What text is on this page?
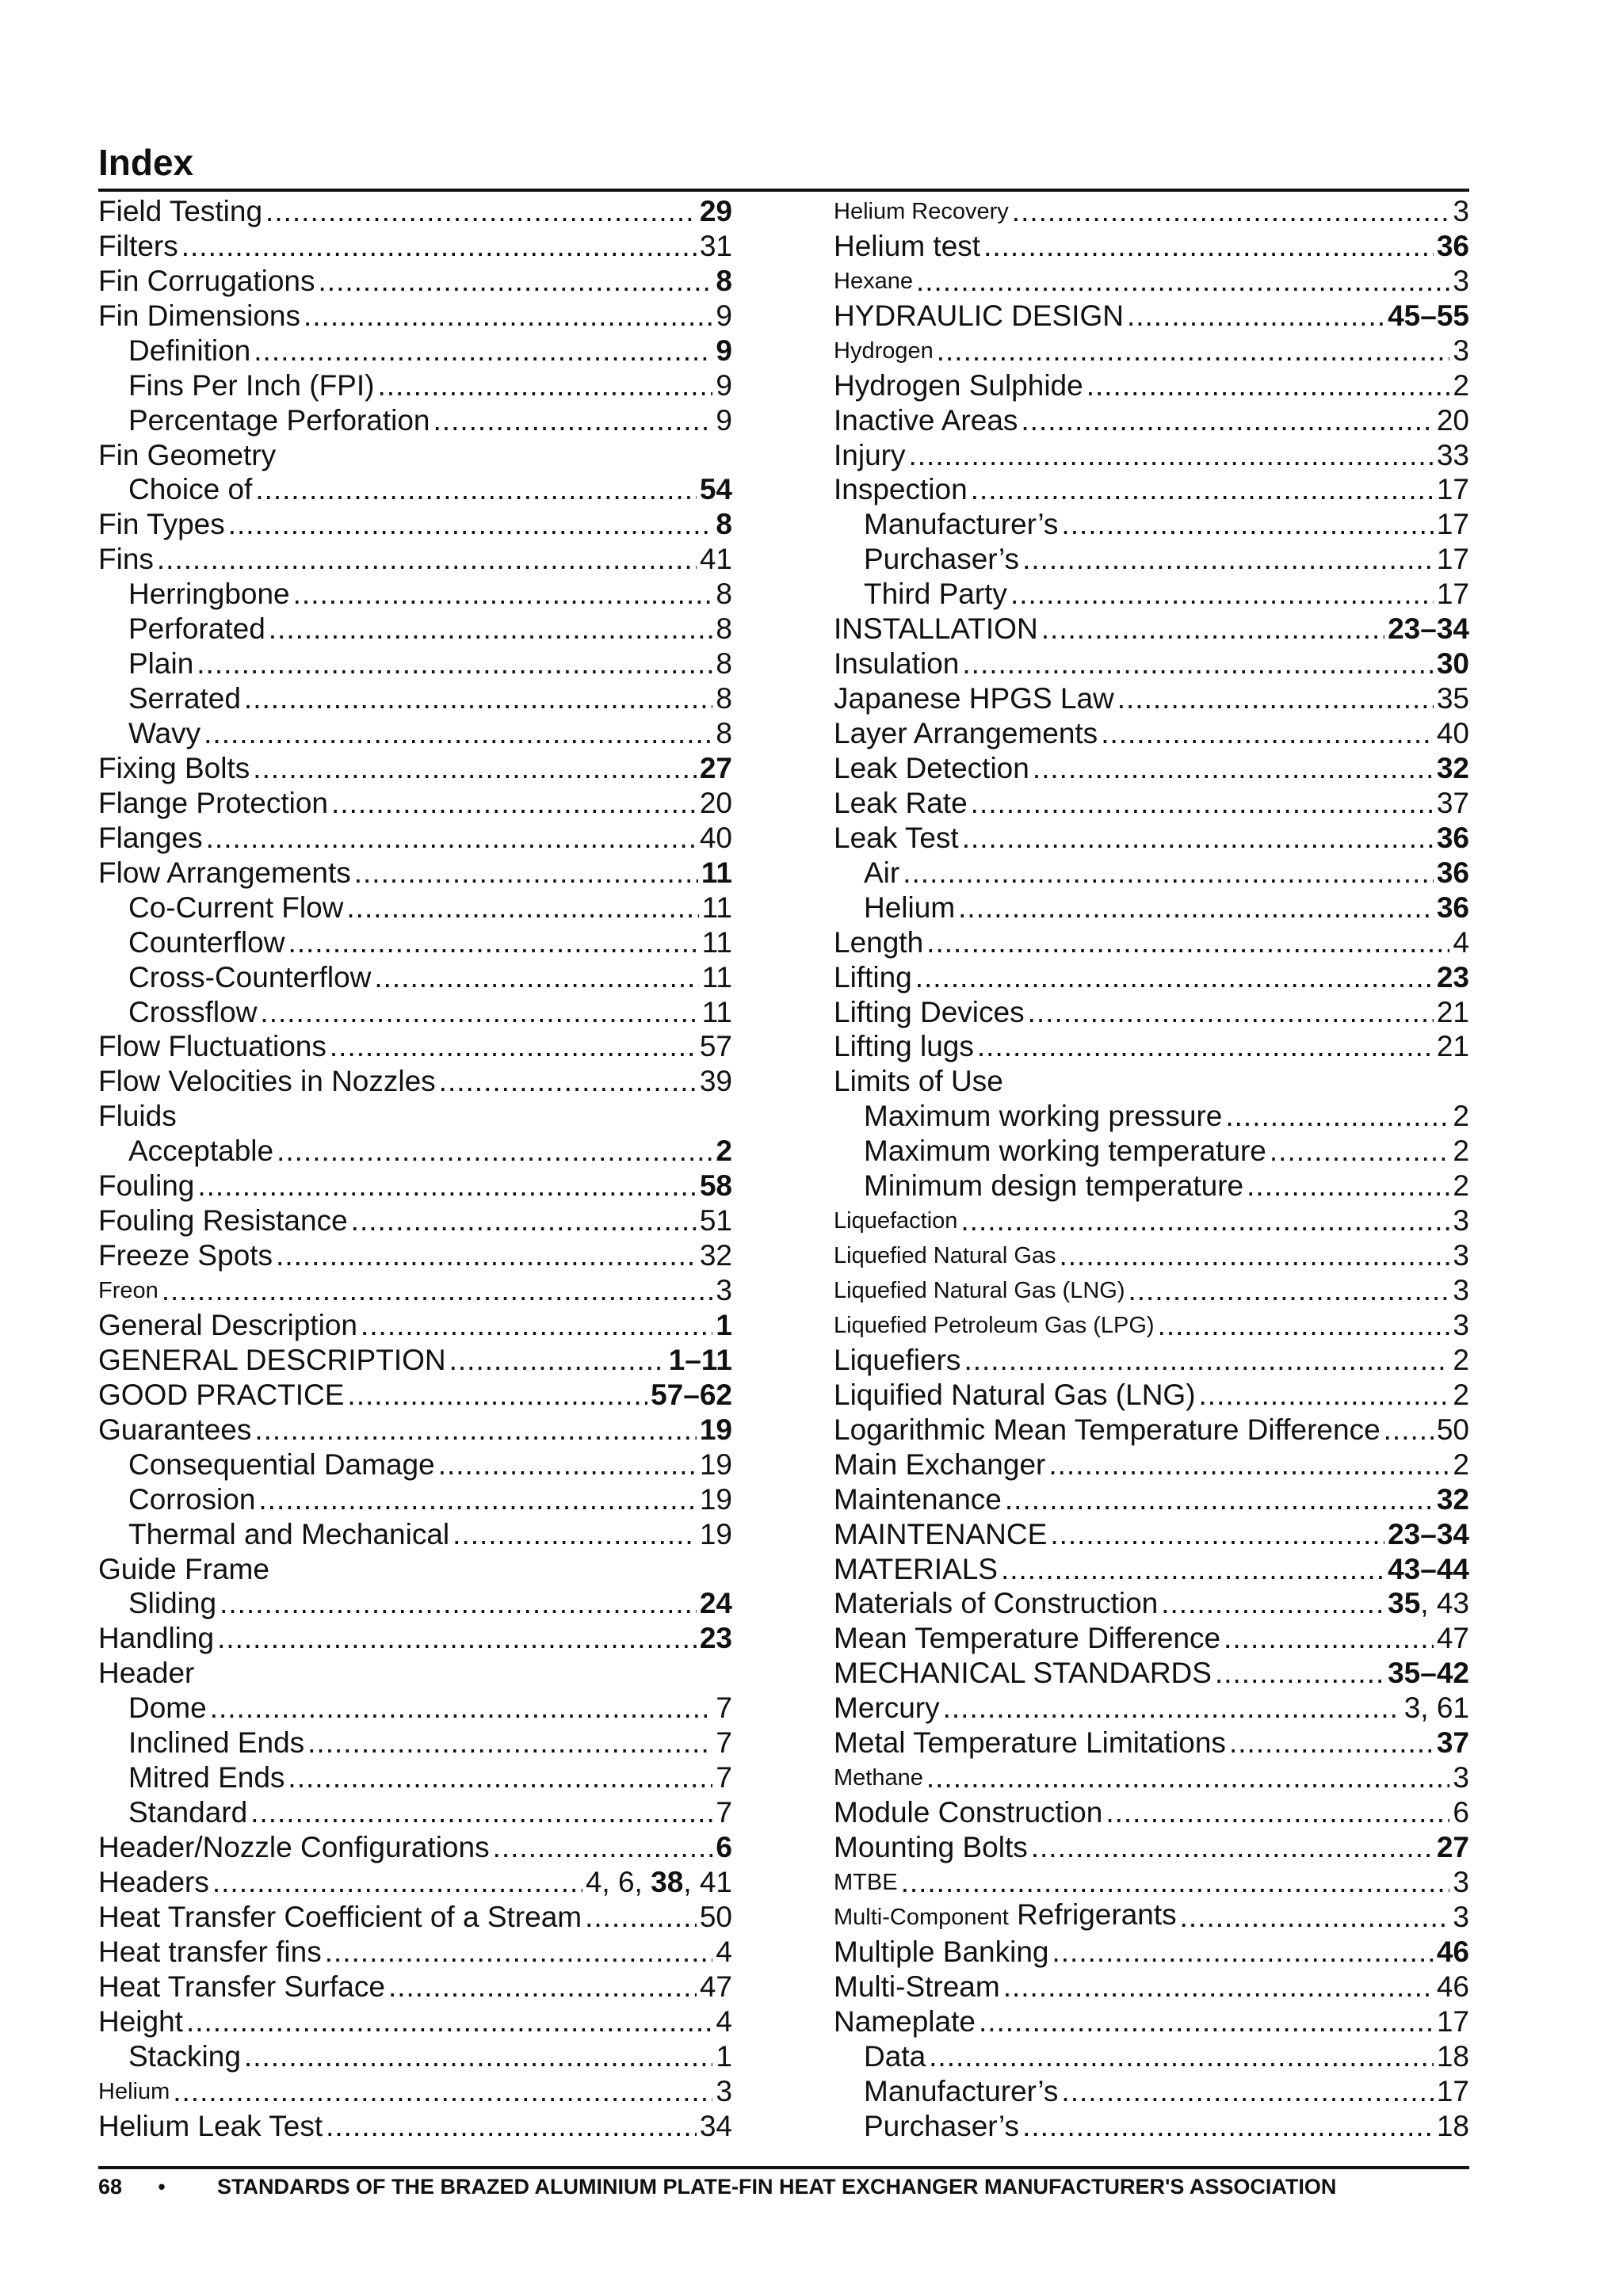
Index
Field Testing .....	29
Filters .....	31
Fin Corrugations .....	8
Fin Dimensions .....	9
Definition .....	9
Fins Per Inch (FPI) .....	9
Percentage Perforation .....	9
Fin Geometry
Choice of .....	54
Fin Types .....	8
Fins .....	41
Herringbone .....	8
Perforated .....	8
Plain .....	8
Serrated .....	8
Wavy .....	8
Fixing Bolts .....	27
Flange Protection .....	20
Flanges .....	40
Flow Arrangements .....	11
Co-Current Flow .....	11
Counterflow .....	11
Cross-Counterflow .....	11
Crossflow .....	11
Flow Fluctuations .....	57
Flow Velocities in Nozzles .....	39
Fluids
Acceptable .....	2
Fouling .....	58
Fouling Resistance .....	51
Freeze Spots .....	32
Freon .....	3
General Description .....	1
GENERAL DESCRIPTION .....	1–11
GOOD PRACTICE .....	57–62
Guarantees .....	19
Consequential Damage .....	19
Corrosion .....	19
Thermal and Mechanical .....	19
Guide Frame
Sliding .....	24
Handling .....	23
Header
Dome .....	7
Inclined Ends .....	7
Mitred Ends .....	7
Standard .....	7
Header/Nozzle Configurations .....	6
Headers .....	4, 6, 38, 41
Heat Transfer Coefficient of a Stream .....	50
Heat transfer fins .....	4
Heat Transfer Surface .....	47
Height .....	4
Stacking .....	1
Helium .....	3
Helium Leak Test .....	34
Helium Recovery .....	3
Helium test .....	36
Hexane .....	3
HYDRAULIC DESIGN .....	45–55
Hydrogen .....	3
Hydrogen Sulphide .....	2
Inactive Areas .....	20
Injury .....	33
Inspection .....	17
Manufacturer’s .....	17
Purchaser’s .....	17
Third Party .....	17
INSTALLATION .....	23–34
Insulation .....	30
Japanese HPGS Law .....	35
Layer Arrangements .....	40
Leak Detection .....	32
Leak Rate .....	37
Leak Test .....	36
Air .....	36
Helium .....	36
Length .....	4
Lifting .....	23
Lifting Devices .....	21
Lifting lugs .....	21
Limits of Use
Maximum working pressure .....	2
Maximum working temperature .....	2
Minimum design temperature .....	2
Liquefaction .....	3
Liquefied Natural Gas .....	3
Liquefied Natural Gas (LNG) .....	3
Liquefied Petroleum Gas (LPG) .....	3
Liquefiers .....	2
Liquified Natural Gas (LNG) .....	2
Logarithmic Mean Temperature Difference ..... 50
Main Exchanger .....	2
Maintenance .....	32
MAINTENANCE .....	23–34
MATERIALS .....	43–44
Materials of Construction .....	35, 43
Mean Temperature Difference .....	47
MECHANICAL STANDARDS .....	35–42
Mercury .....	3, 61
Metal Temperature Limitations .....	37
Methane .....	3
Module Construction .....	6
Mounting Bolts .....	27
MTBE .....	3
Multi-Component Refrigerants .....	3
Multiple Banking .....	46
Multi-Stream .....	46
Nameplate .....	17
Data .....	18
Manufacturer’s .....	17
Purchaser’s .....	18
68	•	STANDARDS OF THE BRAZED ALUMINIUM PLATE-FIN HEAT EXCHANGER MANUFACTURER'S ASSOCIATION
